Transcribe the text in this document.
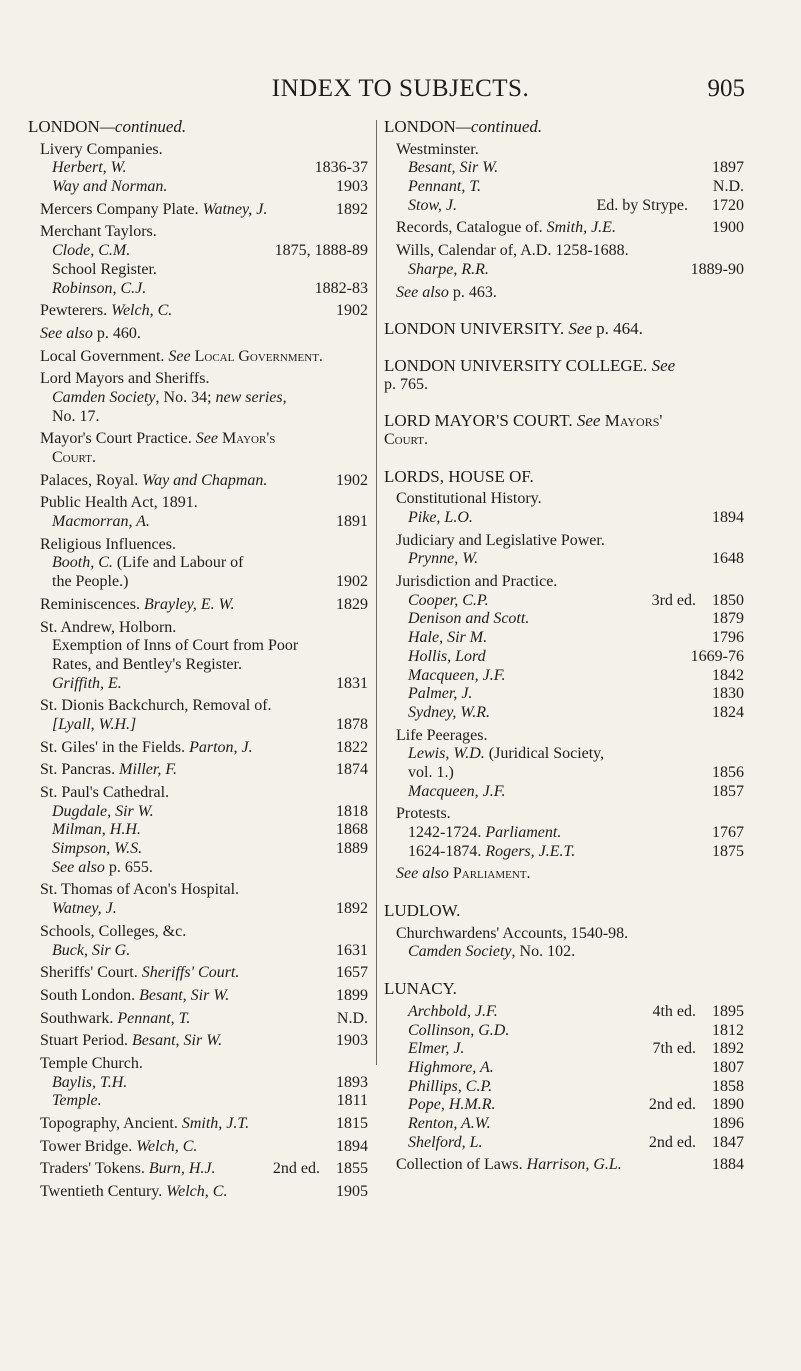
INDEX TO SUBJECTS.	905
LONDON—continued.
Livery Companies.
Herbert, W.	1836-37
Way and Norman.	1903
Mercers Company Plate. Watney, J.	1892
Merchant Taylors.
Clode, C.M.	1875, 1888-89
School Register.
Robinson, C.J.	1882-83
Pewterers. Welch, C.	1902
See also p. 460.
Local Government. See Local Government.
Lord Mayors and Sheriffs.
Camden Society, No. 34; new series,
No. 17.
Mayor's Court Practice. See Mayor's
Court.
Palaces, Royal. Way and Chapman.	1902
Public Health Act, 1891.
Macmorran, A.	1891
Religious Influences.
Booth, C. (Life and Labour of
the People.)	1902
Reminiscences. Brayley, E. W.	1829
St. Andrew, Holborn.
Exemption of Inns of Court from Poor
Rates, and Bentley's Register.
Griffith, E.	1831
St. Dionis Backchurch, Removal of.
[Lyall, W.H.]	1878
St. Giles' in the Fields. Parton, J.	1822
St. Pancras. Miller, F.	1874
St. Paul's Cathedral.
Dugdale, Sir W.	1818
Milman, H.H.	1868
Simpson, W.S.	1889
See also p. 655.
St. Thomas of Acon's Hospital.
Watney, J.	1892
Schools, Colleges, &c.
Buck, Sir G.	1631
Sheriffs' Court. Sheriffs' Court.	1657
South London. Besant, Sir W.	1899
Southwark. Pennant, T.	N.D.
Stuart Period. Besant, Sir W.	1903
Temple Church.
Baylis, T.H.	1893
Temple.	1811
Topography, Ancient. Smith, J.T.	1815
Tower Bridge. Welch, C.	1894
Traders' Tokens. Burn, H.J.	2nd ed. 1855
Twentieth Century. Welch, C.	1905
LONDON—continued.
Westminster.
Besant, Sir W.	1897
Pennant, T.	N.D.
Stow, J.	Ed. by Strype. 1720
Records, Catalogue of. Smith, J.E.	1900
Wills, Calendar of, A.D. 1258-1688.
Sharpe, R.R.	1889-90
See also p. 463.
LONDON UNIVERSITY. See p. 464.
LONDON UNIVERSITY COLLEGE. See
p. 765.
LORD MAYOR'S COURT. See Mayors'
Court.
LORDS, HOUSE OF.
Constitutional History.
Pike, L.O.	1894
Judiciary and Legislative Power.
Prynne, W.	1648
Jurisdiction and Practice.
Cooper, C.P.	3rd ed. 1850
Denison and Scott.	1879
Hale, Sir M.	1796
Hollis, Lord	1669-76
Macqueen, J.F.	1842
Palmer, J.	1830
Sydney, W.R.	1824
Life Peerages.
Lewis, W.D. (Juridical Society,
vol. 1.)	1856
Macqueen, J.F.	1857
Protests.
1242-1724. Parliament.	1767
1624-1874. Rogers, J.E.T.	1875
See also Parliament.
LUDLOW.
Churchwardens' Accounts, 1540-98.
Camden Society, No. 102.
LUNACY.
Archbold, J.F.	4th ed. 1895
Collinson, G.D.	1812
Elmer, J.	7th ed. 1892
Highmore, A.	1807
Phillips, C.P.	1858
Pope, H.M.R.	2nd ed. 1890
Renton, A.W.	1896
Shelford, L.	2nd ed. 1847
Collection of Laws. Harrison, G.L.	1884
